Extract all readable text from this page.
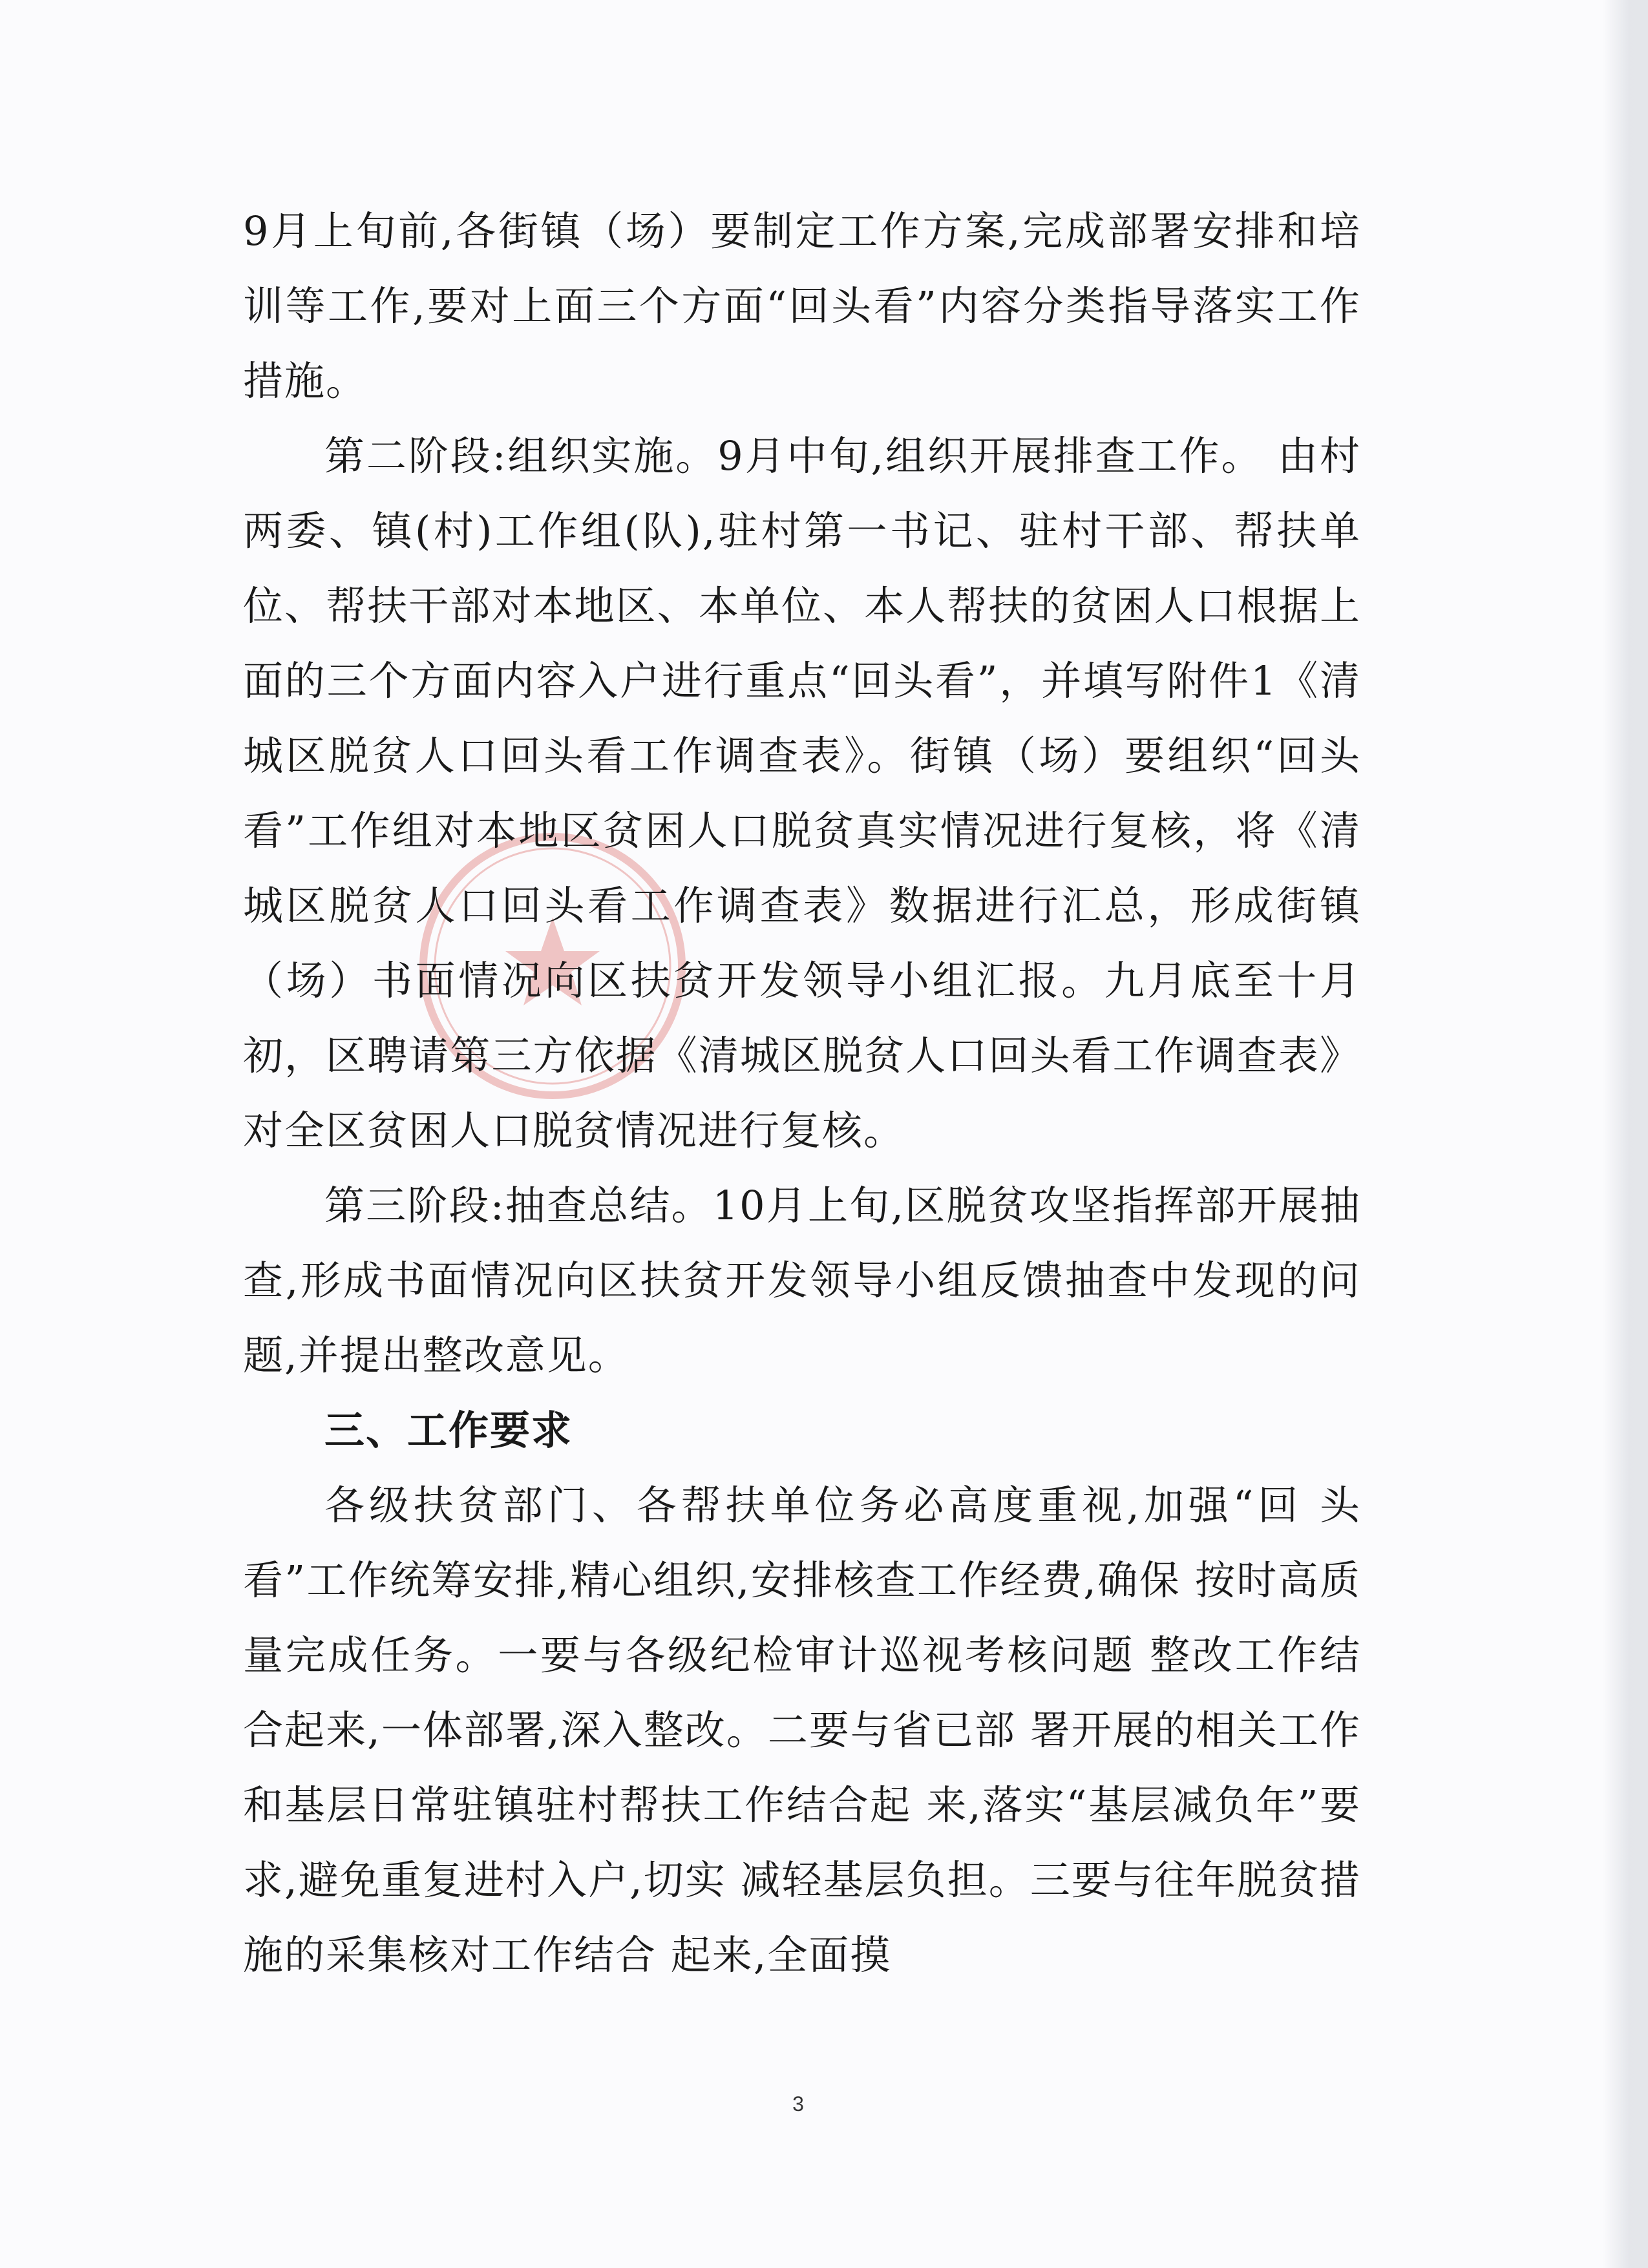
9月上旬前,各街镇（场）要制定工作方案,完成部署安排和培训等工作,要对上面三个方面“回头看”内容分类指导落实工作措施。

第二阶段:组织实施。9月中旬,组织开展排查工作。 由村两委、镇(村)工作组(队),驻村第一书记、驻村干部、帮扶单位、帮扶干部对本地区、本单位、本人帮扶的贫困人口根据上面的三个方面内容入户进行重点“回头看”，并填写附件1《清城区脱贫人口回头看工作调查表》。街镇（场）要组织“回头看”工作组对本地区贫困人口脱贫真实情况进行复核，将《清城区脱贫人口回头看工作调查表》数据进行汇总，形成街镇（场）书面情况向区扶贫开发领导小组汇报。九月底至十月初，区聘请第三方依据《清城区脱贫人口回头看工作调查表》对全区贫困人口脱贫情况进行复核。

第三阶段:抽查总结。10月上旬,区脱贫攻坚指挥部开展抽查,形成书面情况向区扶贫开发领导小组反馈抽查中发现的问题,并提出整改意见。

三、工作要求

各级扶贫部门、各帮扶单位务必高度重视,加强“回 头看”工作统筹安排,精心组织,安排核查工作经费,确保 按时高质量完成任务。一要与各级纪检审计巡视考核问题 整改工作结合起来,一体部署,深入整改。二要与省已部 署开展的相关工作和基层日常驻镇驻村帮扶工作结合起 来,落实“基层减负年”要求,避免重复进村入户,切实 减轻基层负担。三要与往年脱贫措施的采集核对工作结合 起来,全面摸

3
